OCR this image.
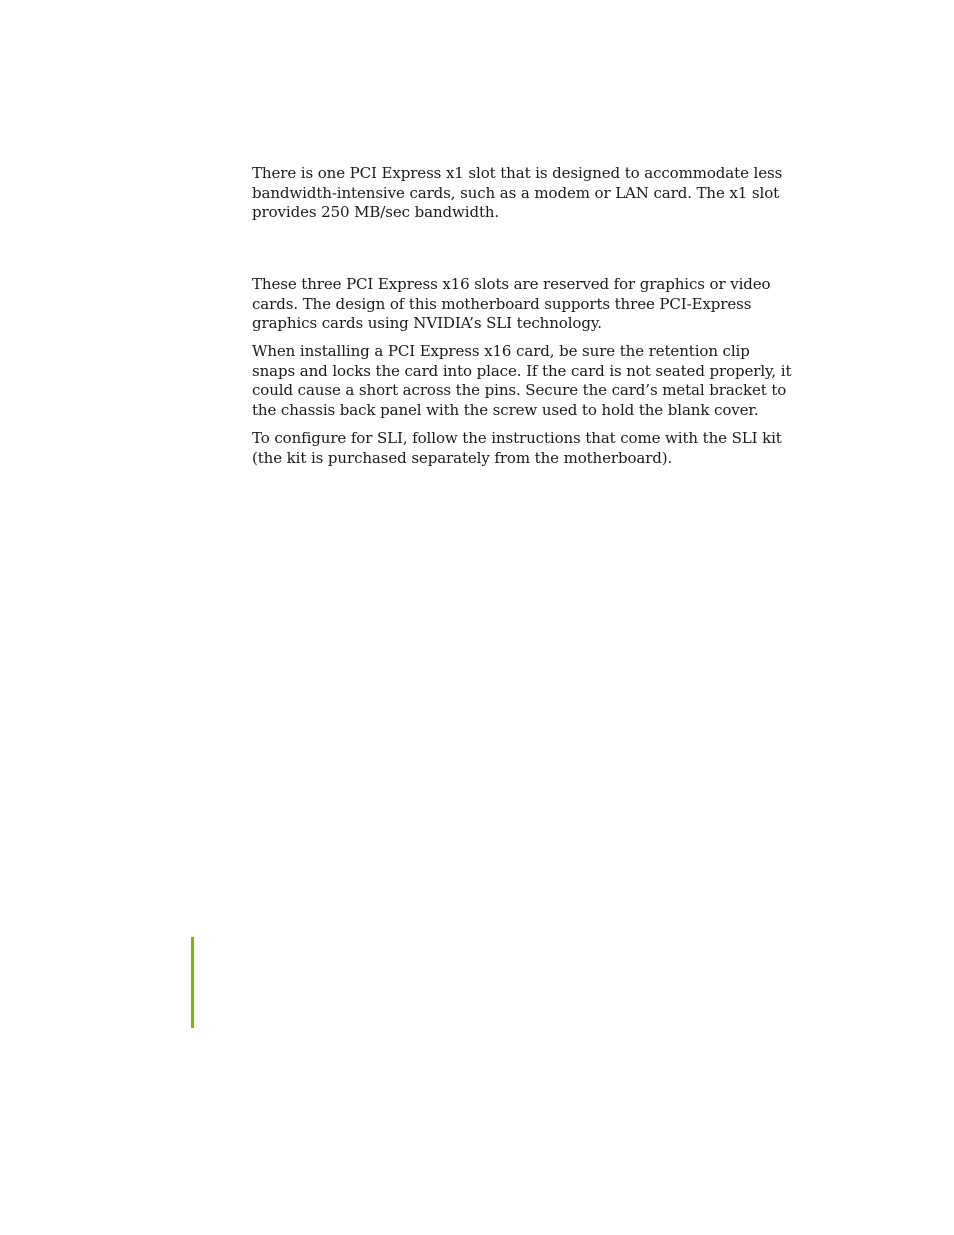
There is one PCI Express x1 slot that is designed to accommodate less bandwidth-intensive cards, such as a modem or LAN card. The x1 slot provides 250 MB/sec bandwidth.

These three PCI Express x16 slots are reserved for graphics or video cards. The design of this motherboard supports three PCI-Express graphics cards using NVIDIA’s SLI technology.

When installing a PCI Express x16 card, be sure the retention clip snaps and locks the card into place. If the card is not seated properly, it could cause a short across the pins. Secure the card’s metal bracket to the chassis back panel with the screw used to hold the blank cover.

To configure for SLI, follow the instructions that come with the SLI kit (the kit is purchased separately from the motherboard).
